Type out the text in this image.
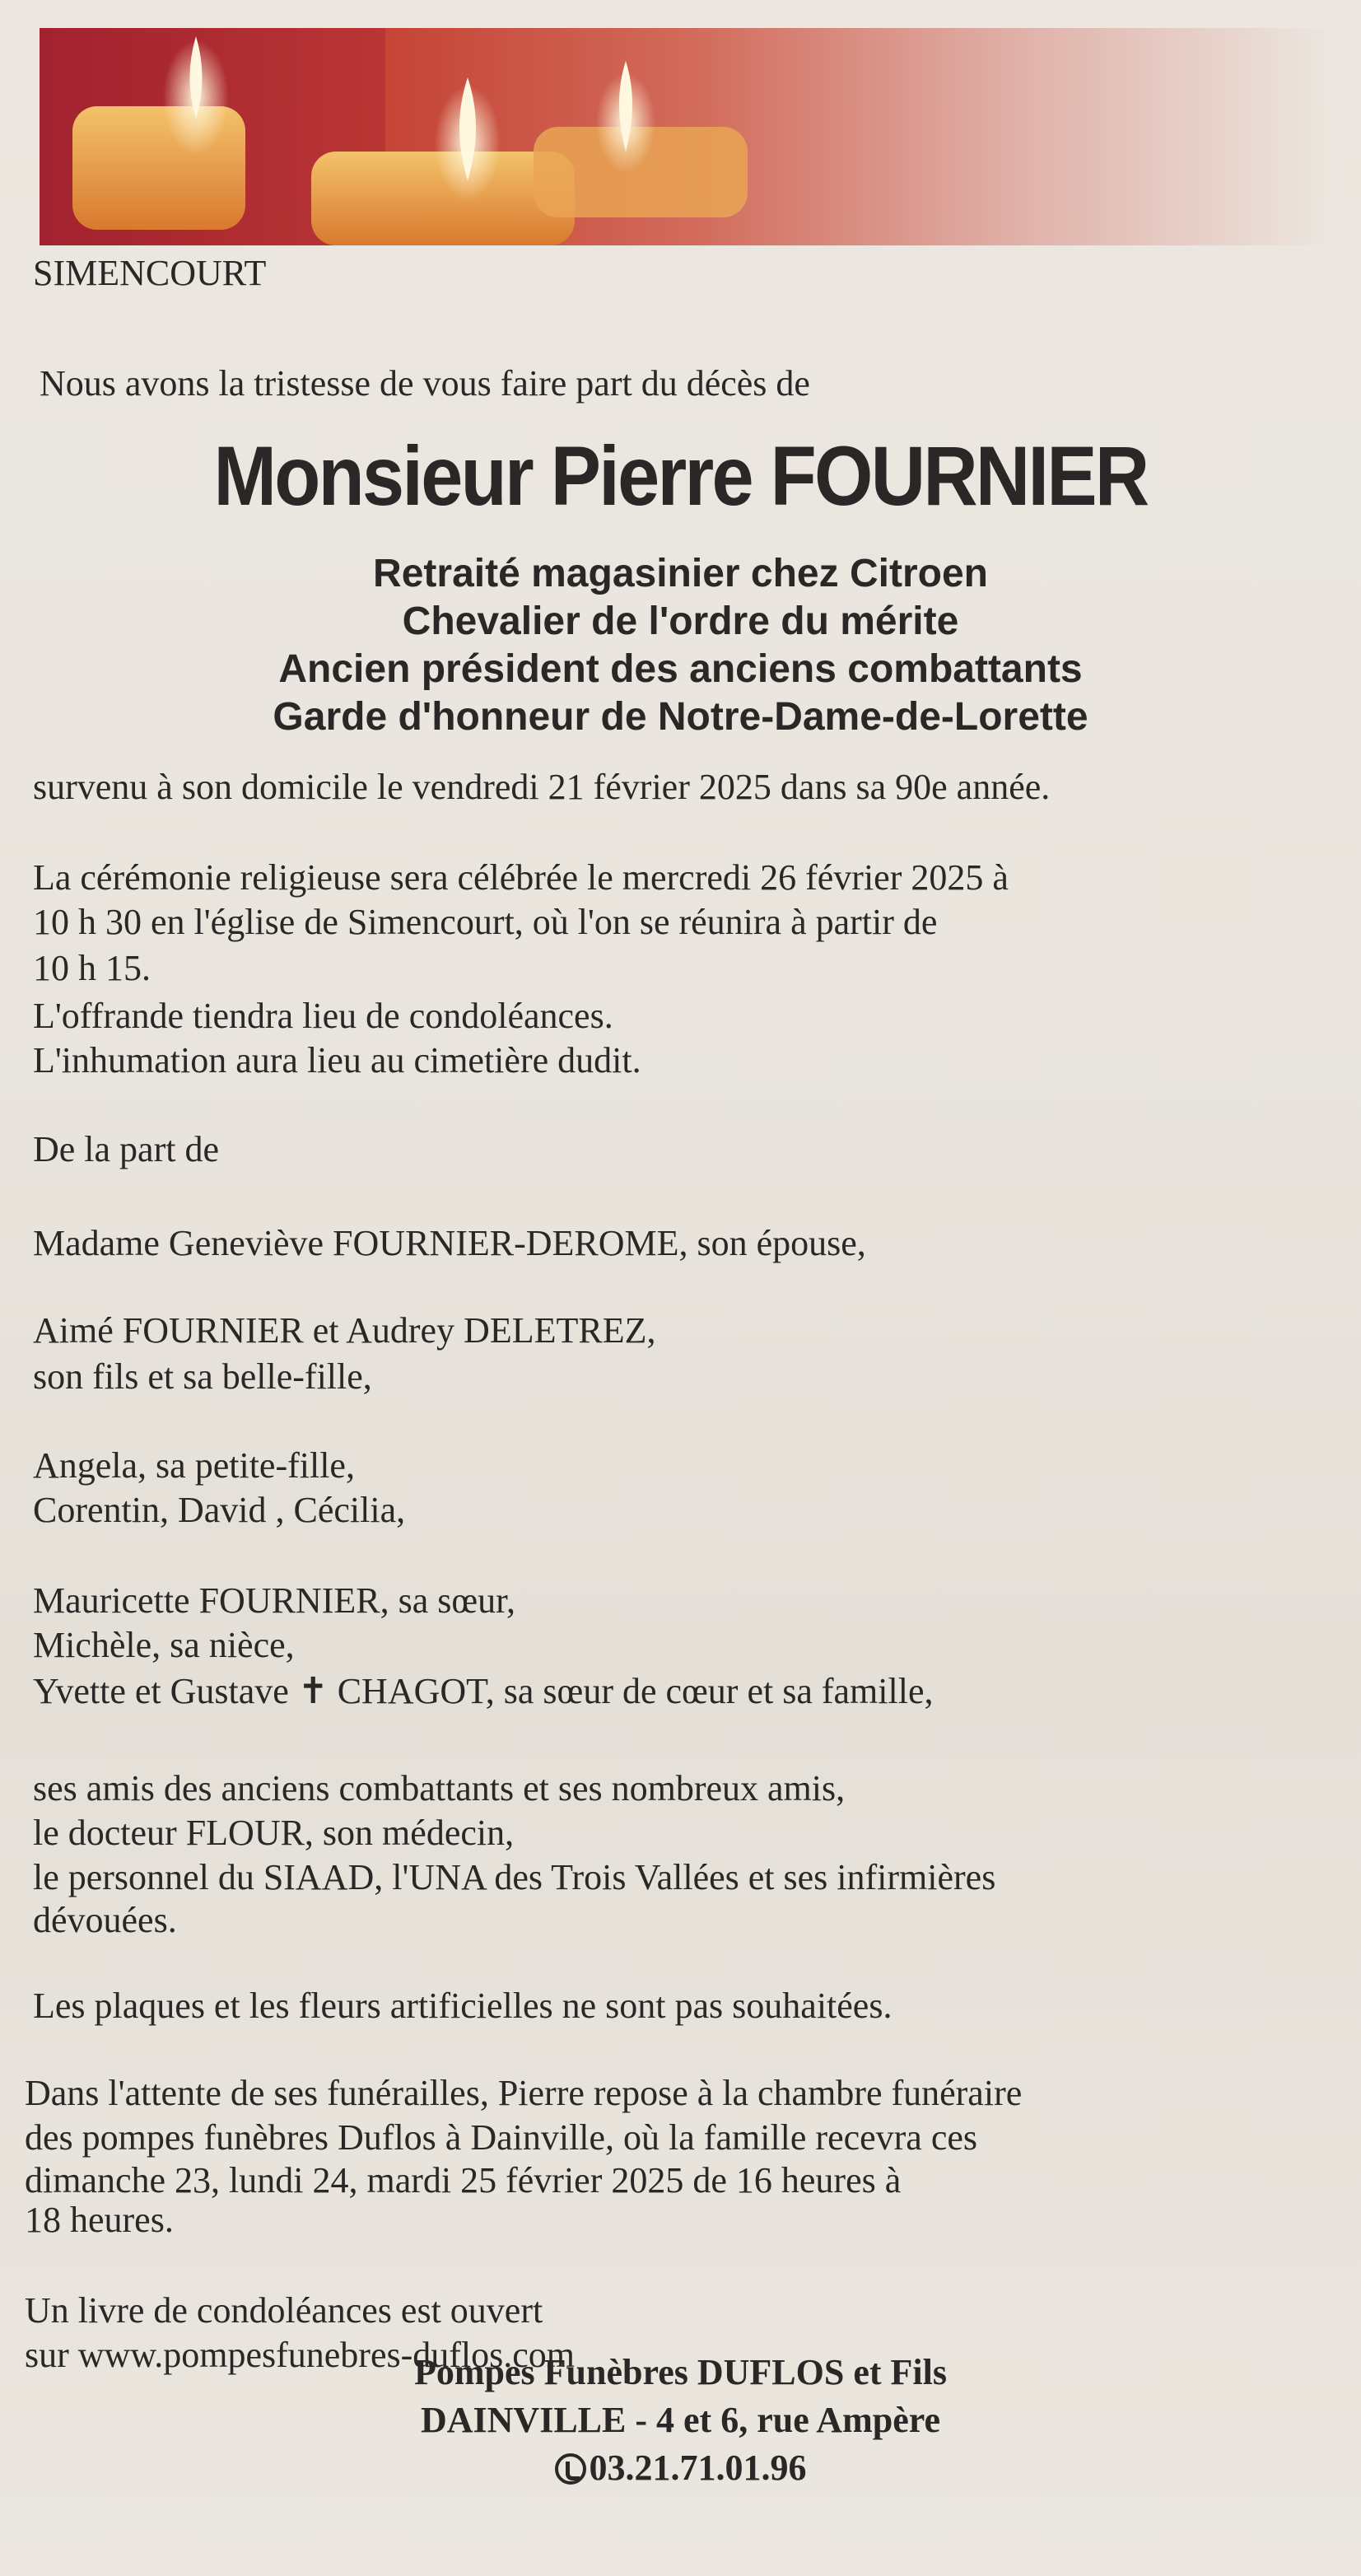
SIMENCOURT
Nous avons la tristesse de vous faire part du décès de
Monsieur Pierre FOURNIER
Retraité magasinier chez Citroen
Chevalier de l'ordre du mérite
Ancien président des anciens combattants
Garde d'honneur de Notre-Dame-de-Lorette
survenu à son domicile le vendredi 21 février 2025 dans sa 90e année.
La cérémonie religieuse sera célébrée le mercredi 26 février 2025 à
10 h 30 en l'église de Simencourt, où l'on se réunira à partir de
10 h 15.
L'offrande tiendra lieu de condoléances.
L'inhumation aura lieu au cimetière dudit.
De la part de
Madame Geneviève FOURNIER-DEROME, son épouse,
Aimé FOURNIER et Audrey DELETREZ,
son fils et sa belle-fille,
Angela, sa petite-fille,
Corentin, David , Cécilia,
Mauricette FOURNIER, sa sœur,
Michèle, sa nièce,
Yvette et Gustave ✝ CHAGOT, sa sœur de cœur et sa famille,
ses amis des anciens combattants et ses nombreux amis,
le docteur FLOUR, son médecin,
le personnel du SIAAD, l'UNA des Trois Vallées et ses infirmières
dévouées.
Les plaques et les fleurs artificielles ne sont pas souhaitées.
Dans l'attente de ses funérailles, Pierre repose à la chambre funéraire
des pompes funèbres Duflos à Dainville, où la famille recevra ces
dimanche 23, lundi 24, mardi 25 février 2025 de 16 heures à
18 heures.
Un livre de condoléances est ouvert
sur www.pompesfunebres-duflos.com
Pompes Funèbres DUFLOS et Fils
DAINVILLE - 4 et 6, rue Ampère
03.21.71.01.96
